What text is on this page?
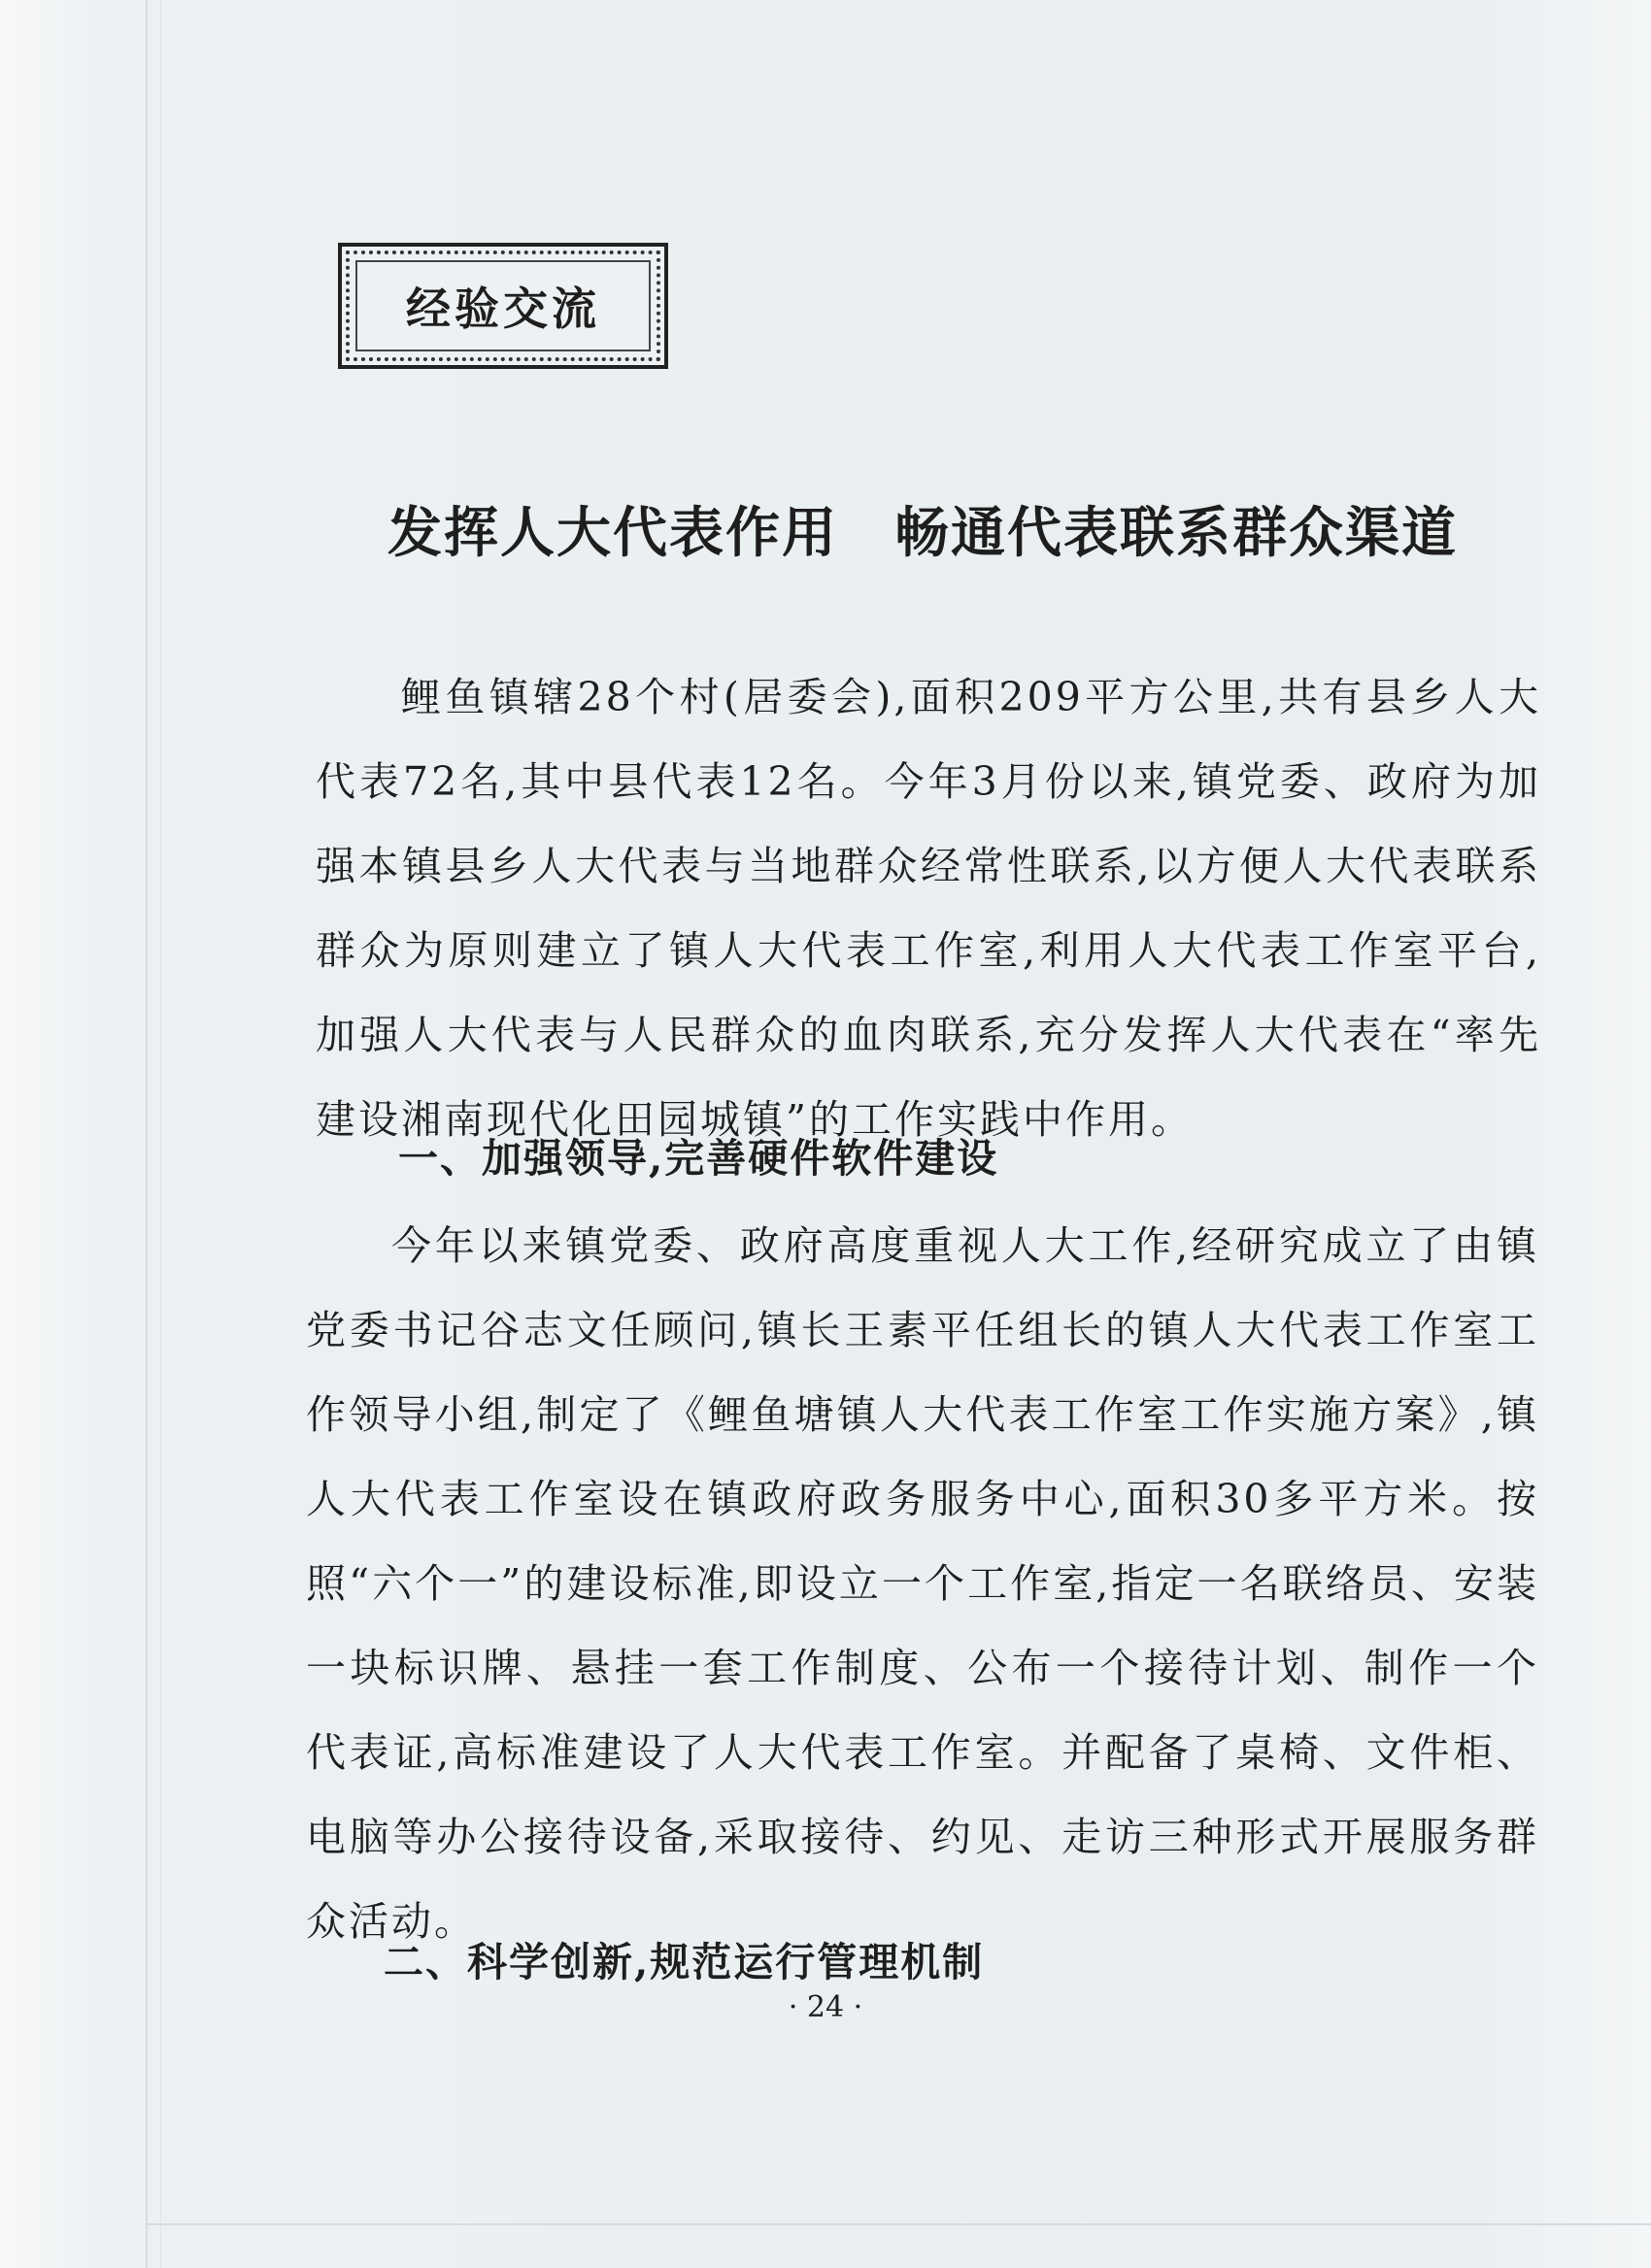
经验交流
发挥人大代表作用　畅通代表联系群众渠道

鲤鱼镇辖28个村(居委会),面积209平方公里,共有县乡人大代表72名,其中县代表12名。今年3月份以来,镇党委、政府为加强本镇县乡人大代表与当地群众经常性联系,以方便人大代表联系群众为原则建立了镇人大代表工作室,利用人大代表工作室平台,加强人大代表与人民群众的血肉联系,充分发挥人大代表在“率先建设湘南现代化田园城镇”的工作实践中作用。

一、加强领导,完善硬件软件建设

今年以来镇党委、政府高度重视人大工作,经研究成立了由镇党委书记谷志文任顾问,镇长王素平任组长的镇人大代表工作室工作领导小组,制定了《鲤鱼塘镇人大代表工作室工作实施方案》,镇人大代表工作室设在镇政府政务服务中心,面积30多平方米。按照“六个一”的建设标准,即设立一个工作室,指定一名联络员、安装一块标识牌、悬挂一套工作制度、公布一个接待计划、制作一个代表证,高标准建设了人大代表工作室。并配备了桌椅、文件柜、电脑等办公接待设备,采取接待、约见、走访三种形式开展服务群众活动。

二、科学创新,规范运行管理机制
· 24 ·
